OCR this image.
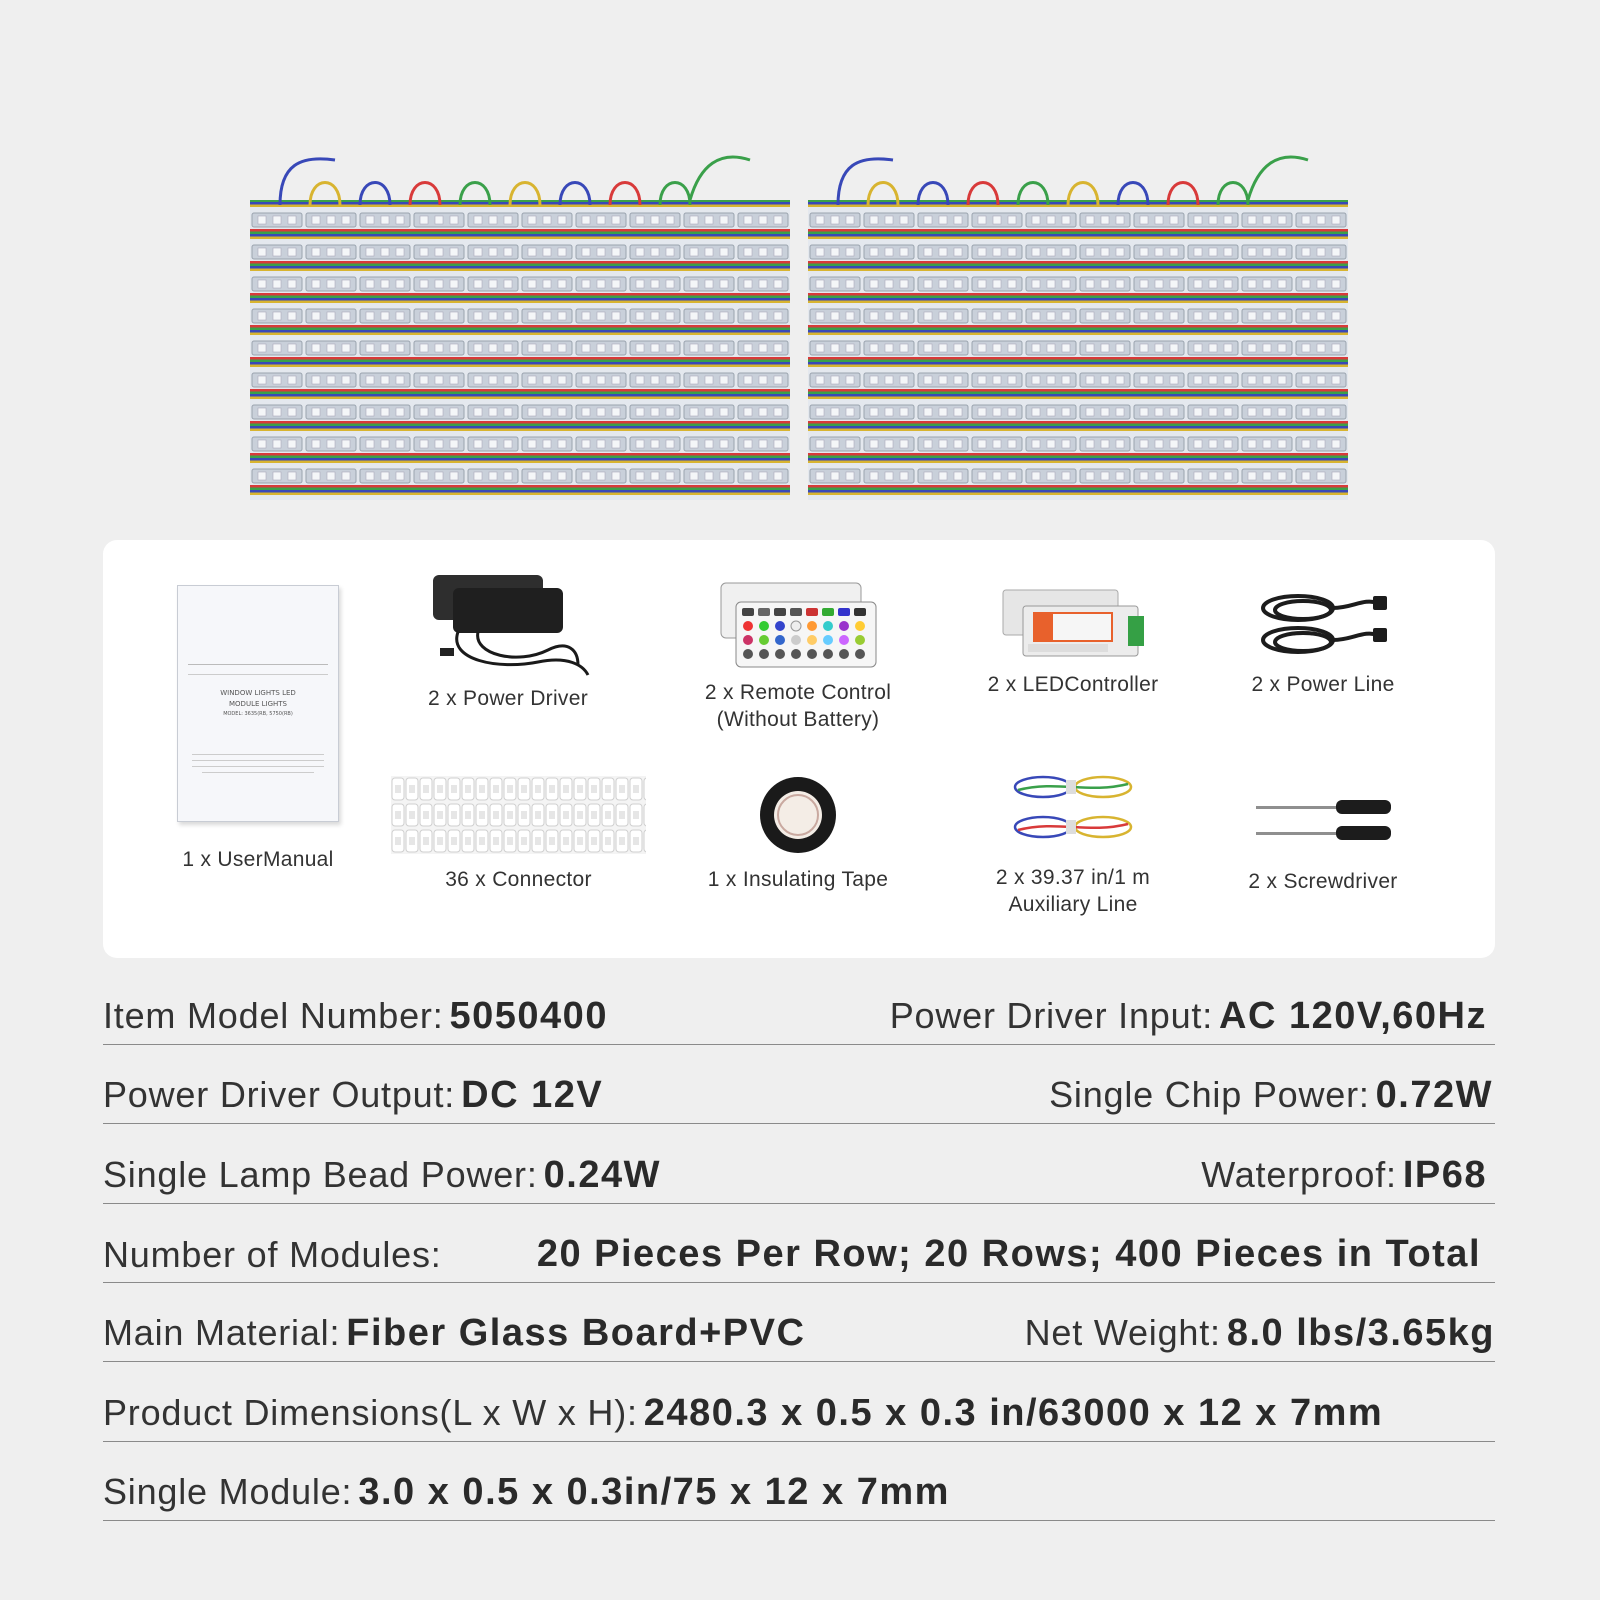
WINDOW LIGHTS LED
MODULE LIGHTS
MODEL: 3635(RB, 5750(RB)
1 x UserManual
2 x Power Driver	2 x Remote Control
(Without Battery)
2 x LEDController	2 x Power Line
36 x Connector	1 x Insulating Tape	2 x 39.37 in/1 m
Auxiliary Line
2 x Screwdriver
Item Model Number: 5050400	Power Driver Input: AC 120V,60Hz
Power Driver Output: DC 12V	Single Chip Power: 0.72W
Single Lamp Bead Power: 0.24W	Waterproof: IP68
Number of Modules:	20 Pieces Per Row; 20 Rows; 400 Pieces in Total
Main Material: Fiber Glass Board+PVC	Net Weight: 8.0 lbs/3.65kg
Product Dimensions(L x W x H): 2480.3 x 0.5 x 0.3 in/63000 x 12 x 7mm
Single Module: 3.0 x 0.5 x 0.3in/75 x 12 x 7mm
